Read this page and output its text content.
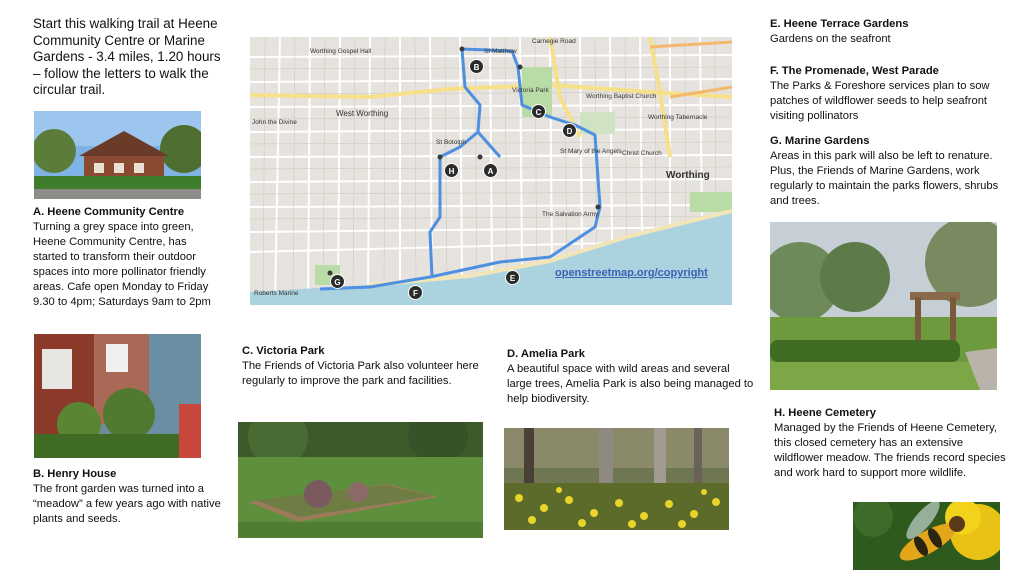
Start this walking trail at Heene Community Centre or Marine Gardens - 3.4 miles, 1.20 hours – follow the letters to walk the circular trail.
A. Heene Community Centre
Turning a grey space into green, Heene Community Centre, has started to transform their outdoor spaces into more pollinator friendly areas. Cafe open Monday to Friday 9.30 to 4pm; Saturdays 9am to 2pm
B. Henry House
The front garden was turned into a “meadow” a few years ago with native plants and seeds.
Worthing Gospel Hall	St Matthew
Carnegie Road
Victoria Park
Worthing Baptist Church
Worthing Tabernacle
West Worthing
John the Divine
St Botolph
St Mary of the Angels Christ Church
Worthing
The Salvation Army
Roberts Marine
B
C
D
H	A
E
G
F
openstreetmap.org/copyright
C. Victoria Park
The Friends of Victoria Park also volunteer here regularly to improve the park and facilities.
D. Amelia Park
A beautiful space with wild areas and several large trees, Amelia Park is also being managed to help biodiversity.
E. Heene Terrace Gardens
Gardens on the seafront
F. The Promenade, West Parade
The Parks & Foreshore services plan to sow patches of wildflower seeds to help seafront visiting pollinators
G. Marine Gardens
Areas in this park will also be left to renature. Plus, the Friends of Marine Gardens, work regularly to maintain the parks flowers, shrubs and trees.
H. Heene Cemetery
Managed by the Friends of Heene Cemetery, this closed cemetery has an extensive wildflower meadow. The friends record species and work hard to support more wildlife.
